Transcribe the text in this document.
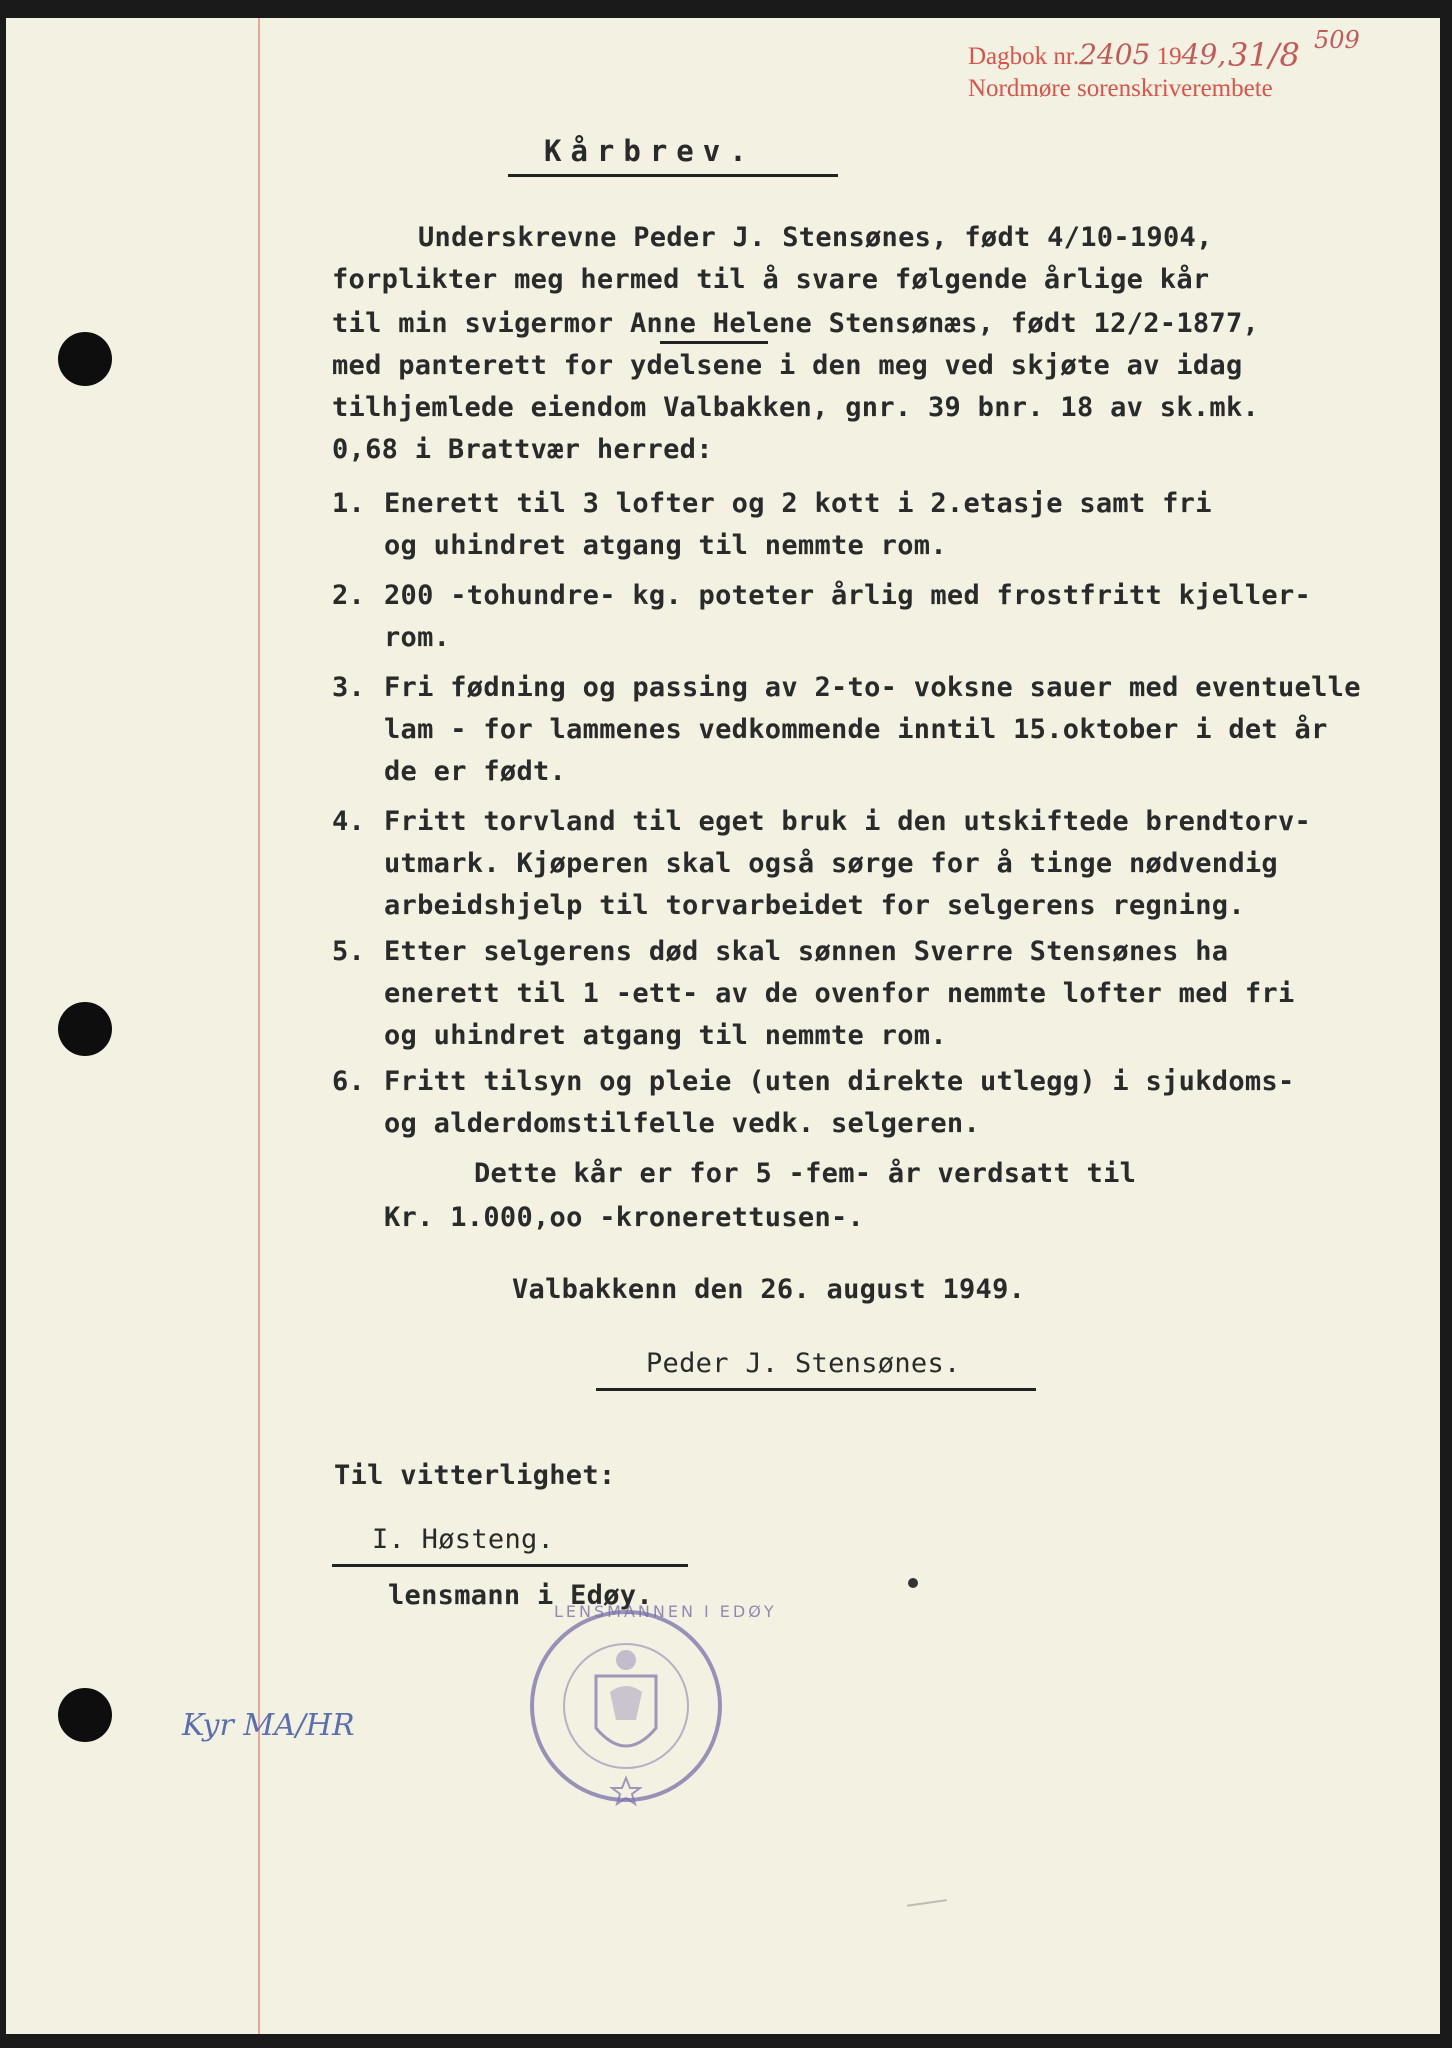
Dagbok nr.2405 1949, 31/8 509
Nordmøre sorenskriverembete
Kårbrev.
Underskrevne Peder J. Stensønes, født 4/10-1904,
forplikter meg hermed til å svare følgende årlige kår
til min svigermor Anne Helene Stensønæs, født 12/2-1877,
med panterett for ydelsene i den meg ved skjøte av idag
tilhjemlede eiendom Valbakken, gnr. 39 bnr. 18 av sk.mk.
0,68 i Brattvær herred:
1. Enerett til 3 lofter og 2 kott i 2.etasje samt fri
og uhindret atgang til nemmte rom.
2. 200 -tohundre- kg. poteter årlig med frostfritt kjeller-
rom.
3. Fri fødning og passing av 2-to- voksne sauer med eventuelle
lam - for lammenes vedkommende inntil 15.oktober i det år
de er født.
4. Fritt torvland til eget bruk i den utskiftede brendtorv-
utmark. Kjøperen skal også sørge for å tinge nødvendig
arbeidshjelp til torvarbeidet for selgerens regning.
5. Etter selgerens død skal sønnen Sverre Stensønes ha
enerett til 1 -ett- av de ovenfor nemmte lofter med fri
og uhindret atgang til nemmte rom.
6. Fritt tilsyn og pleie (uten direkte utlegg) i sjukdoms-
og alderdomstilfelle vedk. selgeren.
Dette kår er for 5 -fem- år verdsatt til
Kr. 1.000,oo -kronerettusen-.
Valbakkenn den 26. august 1949.
Peder J. Stensønes.
Til vitterlighet:
I. Høsteng.
lensmann i Edøy.
Kyr MA/HR
LENSMANNEN I EDØY
